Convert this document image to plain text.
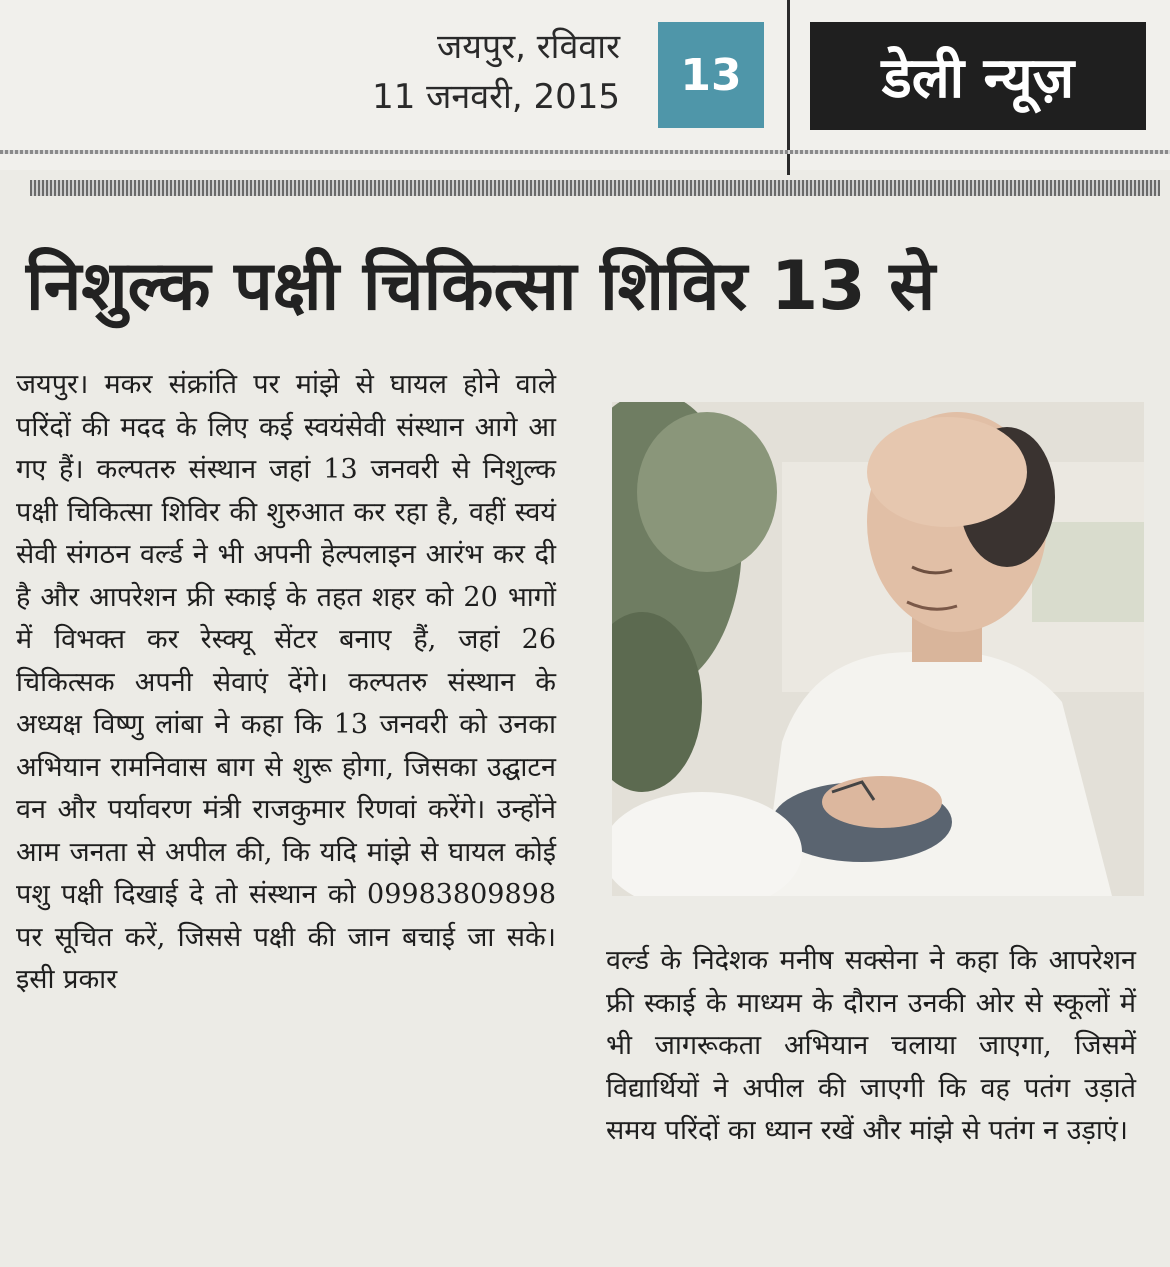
जयपुर, रविवार
11 जनवरी, 2015	13	डेली न्यूज़
निशुल्क पक्षी चिकित्सा शिविर 13 से

जयपुर। मकर संक्रांति पर मांझे से घायल होने वाले परिंदों की मदद के लिए कई स्वयंसेवी संस्थान आगे आ गए हैं। कल्पतरु संस्थान जहां 13 जनवरी से निशुल्क पक्षी चिकित्सा शिविर की शुरुआत कर रहा है, वहीं स्वयं सेवी संगठन वर्ल्ड ने भी अपनी हेल्पलाइन आरंभ कर दी है और आपरेशन फ्री स्काई के तहत शहर को 20 भागों में विभक्त कर रेस्क्यू सेंटर बनाए हैं, जहां 26 चिकित्सक अपनी सेवाएं देंगे। कल्पतरु संस्थान के अध्यक्ष विष्णु लांबा ने कहा कि 13 जनवरी को उनका अभियान रामनिवास बाग से शुरू होगा, जिसका उद्घाटन वन और पर्यावरण मंत्री राजकुमार रिणवां करेंगे। उन्होंने आम जनता से अपील की, कि यदि मांझे से घायल कोई पशु पक्षी दिखाई दे तो संस्थान को 09983809898 पर सूचित करें, जिससे पक्षी की जान बचाई जा सके। इसी प्रकार

वर्ल्ड के निदेशक मनीष सक्सेना ने कहा कि आपरेशन फ्री स्काई के माध्यम के दौरान उनकी ओर से स्कूलों में भी जागरूकता अभियान चलाया जाएगा, जिसमें विद्यार्थियों ने अपील की जाएगी कि वह पतंग उड़ाते समय परिंदों का ध्यान रखें और मांझे से पतंग न उड़ाएं।
